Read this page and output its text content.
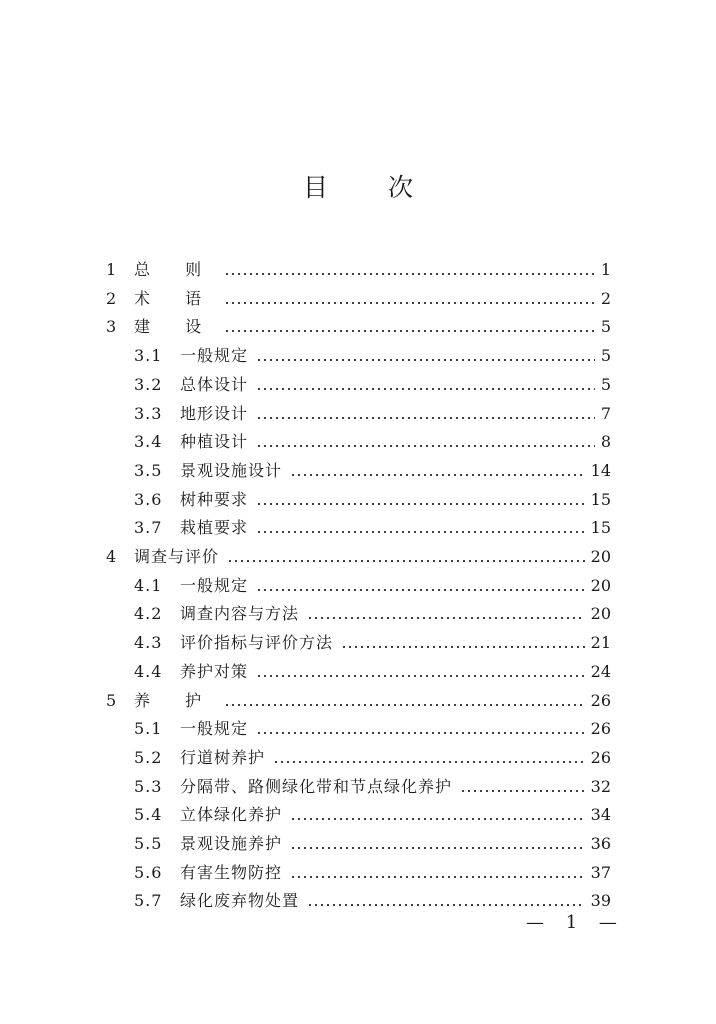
目 次
1	总 则	1
2	术 语	2
3	建 设	5
3.1	一般规定	5
3.2	总体设计	5
3.3	地形设计	7
3.4	种植设计	8
3.5	景观设施设计	14
3.6	树种要求	15
3.7	栽植要求	15
4	调查与评价	20
4.1	一般规定	20
4.2	调查内容与方法	20
4.3	评价指标与评价方法	21
4.4	养护对策	24
5	养 护	26
5.1	一般规定	26
5.2	行道树养护	26
5.3	分隔带、路侧绿化带和节点绿化养护	32
5.4	立体绿化养护	34
5.5	景观设施养护	36
5.6	有害生物防控	37
5.7	绿化废弃物处置	39
— 1 —
